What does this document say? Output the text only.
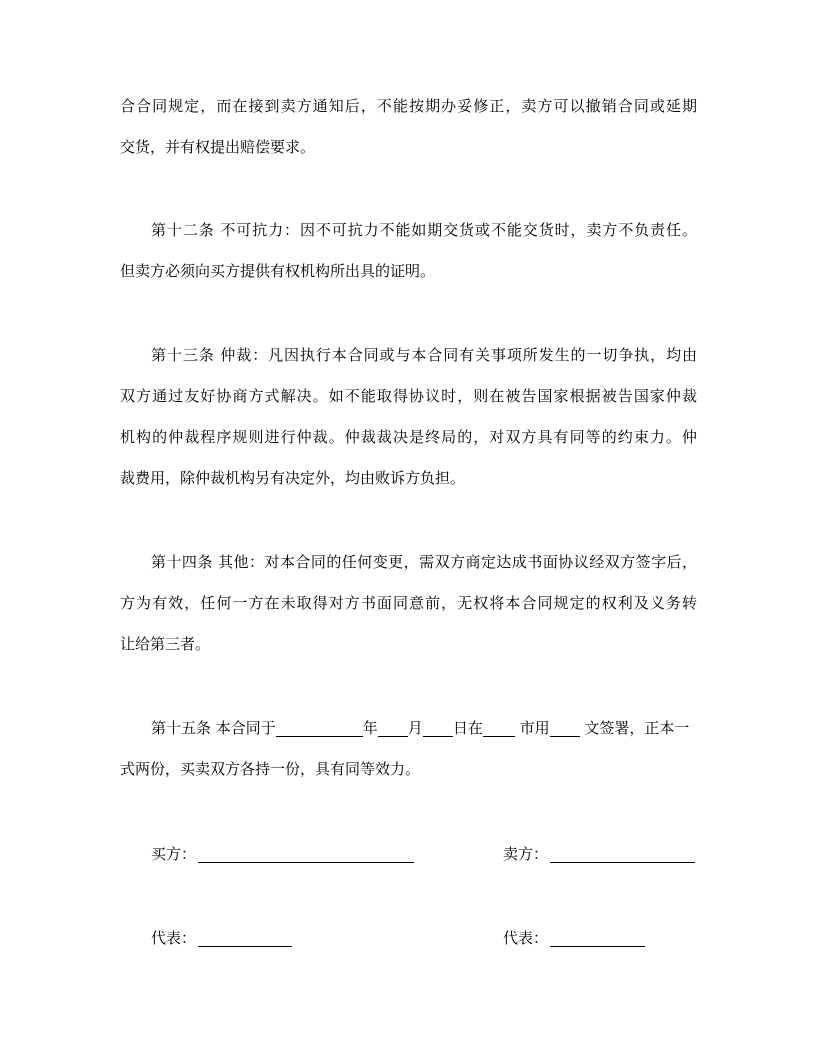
合合同规定，而在接到卖方通知后，不能按期办妥修正，卖方可以撤销合同或延期
交货，并有权提出赔偿要求。
第十二条 不可抗力：因不可抗力不能如期交货或不能交货时，卖方不负责任。
但卖方必须向买方提供有权机构所出具的证明。
第十三条 仲裁：凡因执行本合同或与本合同有关事项所发生的一切争执，均由
双方通过友好协商方式解决。如不能取得协议时，则在被告国家根据被告国家仲裁
机构的仲裁程序规则进行仲裁。仲裁裁决是终局的，对双方具有同等的约束力。仲
裁费用，除仲裁机构另有决定外，均由败诉方负担。
第十四条 其他：对本合同的任何变更，需双方商定达成书面协议经双方签字后，
方为有效，任何一方在未取得对方书面同意前，无权将本合同规定的权利及义务转
让给第三者。
第十五条 本合同于	年 月 日在 市用 文签署，正本一
式两份，买卖双方各持一份，具有同等效力。
买方：	卖方：
代表：	代表：
